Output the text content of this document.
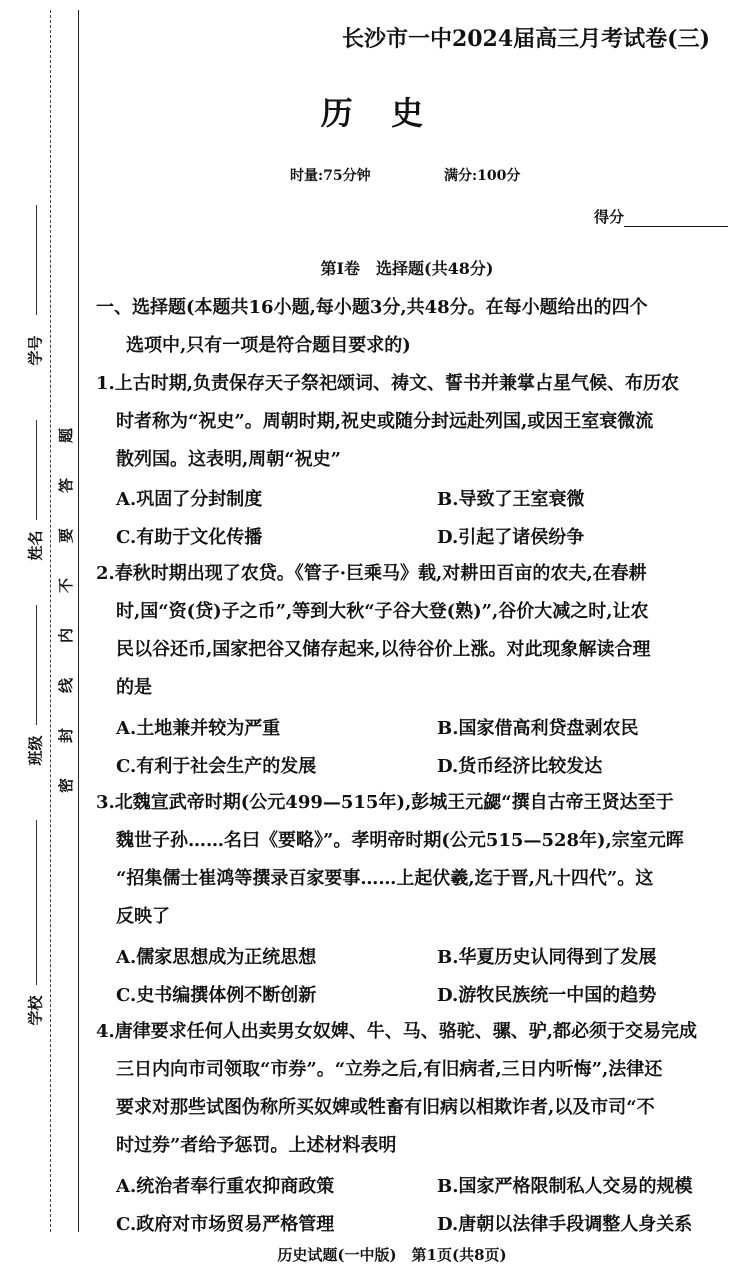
学号
姓名
班级
学校
题
答
要
不
内
线
封
密
长沙市一中2024届高三月考试卷(三)
历史
时量:75分钟	满分:100分
得分
第Ⅰ卷　选择题(共48分)
一、选择题(本题共16小题,每小题3分,共48分。在每小题给出的四个
选项中,只有一项是符合题目要求的)
1.上古时期,负责保存天子祭祀颂词、祷文、誓书并兼掌占星气候、布历农
时者称为“祝史”。周朝时期,祝史或随分封远赴列国,或因王室衰微流
散列国。这表明,周朝“祝史”
A.巩固了分封制度	B.导致了王室衰微
C.有助于文化传播	D.引起了诸侯纷争
2.春秋时期出现了农贷。《管子·巨乘马》载,对耕田百亩的农夫,在春耕
时,国“资(贷)子之币”,等到大秋“子谷大登(熟)”,谷价大减之时,让农
民以谷还币,国家把谷又储存起来,以待谷价上涨。对此现象解读合理
的是
A.土地兼并较为严重	B.国家借高利贷盘剥农民
C.有利于社会生产的发展	D.货币经济比较发达
3.北魏宣武帝时期(公元499—515年),彭城王元勰“撰自古帝王贤达至于
魏世子孙……名曰《要略》”。孝明帝时期(公元515—528年),宗室元晖
“招集儒士崔鸿等撰录百家要事……上起伏羲,迄于晋,凡十四代”。这
反映了
A.儒家思想成为正统思想	B.华夏历史认同得到了发展
C.史书编撰体例不断创新	D.游牧民族统一中国的趋势
4.唐律要求任何人出卖男女奴婢、牛、马、骆驼、骡、驴,都必须于交易完成
三日内向市司领取“市券”。“立券之后,有旧病者,三日内听悔”,法律还
要求对那些试图伪称所买奴婢或牲畜有旧病以相欺诈者,以及市司“不
时过券”者给予惩罚。上述材料表明
A.统治者奉行重农抑商政策	B.国家严格限制私人交易的规模
C.政府对市场贸易严格管理	D.唐朝以法律手段调整人身关系
历史试题(一中版)　第1页(共8页)
